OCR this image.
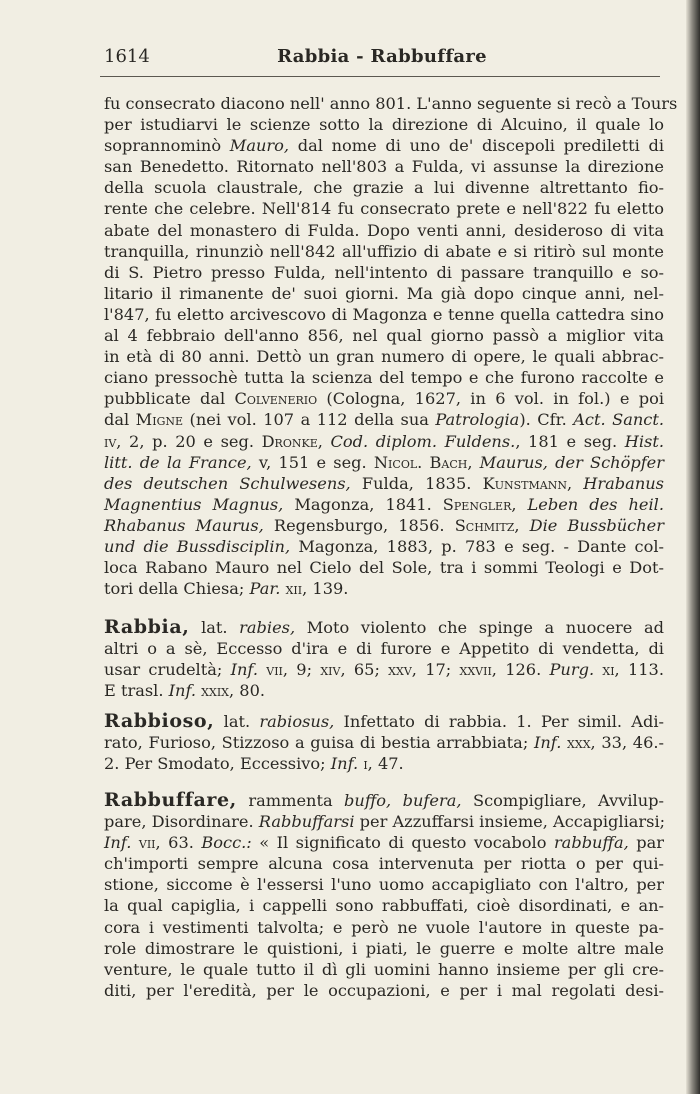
1614	Rabbia - Rabbuffare
fu consecrato diacono nell' anno 801. L'anno seguente si recò a Tours
per istudiarvi le scienze sotto la direzione di Alcuino, il quale lo
soprannominò Mauro, dal nome di uno de' discepoli prediletti di
san Benedetto. Ritornato nell'803 a Fulda, vi assunse la direzione
della scuola claustrale, che grazie a lui divenne altrettanto fio-
rente che celebre. Nell'814 fu consecrato prete e nell'822 fu eletto
abate del monastero di Fulda. Dopo venti anni, desideroso di vita
tranquilla, rinunziò nell'842 all'uffizio di abate e si ritirò sul monte
di S. Pietro presso Fulda, nell'intento di passare tranquillo e so-
litario il rimanente de' suoi giorni. Ma già dopo cinque anni, nel-
l'847, fu eletto arcivescovo di Magonza e tenne quella cattedra sino
al 4 febbraio dell'anno 856, nel qual giorno passò a miglior vita
in età di 80 anni. Dettò un gran numero di opere, le quali abbrac-
ciano pressochè tutta la scienza del tempo e che furono raccolte e
pubblicate dal Colvenerio (Cologna, 1627, in 6 vol. in fol.) e poi
dal Migne (nei vol. 107 a 112 della sua Patrologia). Cfr. Act. Sanct.
iv, 2, p. 20 e seg. Dronke, Cod. diplom. Fuldens., 181 e seg. Hist.
litt. de la France, v, 151 e seg. Nicol. Bach, Maurus, der Schöpfer
des deutschen Schulwesens, Fulda, 1835. Kunstmann, Hrabanus
Magnentius Magnus, Magonza, 1841. Spengler, Leben des heil.
Rhabanus Maurus, Regensburgo, 1856. Schmitz, Die Bussbücher
und die Bussdisciplin, Magonza, 1883, p. 783 e seg. - Dante col-
loca Rabano Mauro nel Cielo del Sole, tra i sommi Teologi e Dot-
tori della Chiesa; Par. xii, 139.
Rabbia, lat. rabies, Moto violento che spinge a nuocere ad
altri o a sè, Eccesso d'ira e di furore e Appetito di vendetta, di
usar crudeltà; Inf. vii, 9; xiv, 65; xxv, 17; xxvii, 126. Purg. xi, 113.
E trasl. Inf. xxix, 80.
Rabbioso, lat. rabiosus, Infettato di rabbia. 1. Per simil. Adi-
rato, Furioso, Stizzoso a guisa di bestia arrabbiata; Inf. xxx, 33, 46.-
2. Per Smodato, Eccessivo; Inf. i, 47.
Rabbuffare, rammenta buffo, bufera, Scompigliare, Avvilup-
pare, Disordinare. Rabbuffarsi per Azzuffarsi insieme, Accapigliarsi;
Inf. vii, 63. Bocc.: « Il significato di questo vocabolo rabbuffa, par
ch'importi sempre alcuna cosa intervenuta per riotta o per qui-
stione, siccome è l'essersi l'uno uomo accapigliato con l'altro, per
la qual capiglia, i cappelli sono rabbuffati, cioè disordinati, e an-
cora i vestimenti talvolta; e però ne vuole l'autore in queste pa-
role dimostrare le quistioni, i piati, le guerre e molte altre male
venture, le quale tutto il dì gli uomini hanno insieme per gli cre-
diti, per l'eredità, per le occupazioni, e per i mal regolati desi-
